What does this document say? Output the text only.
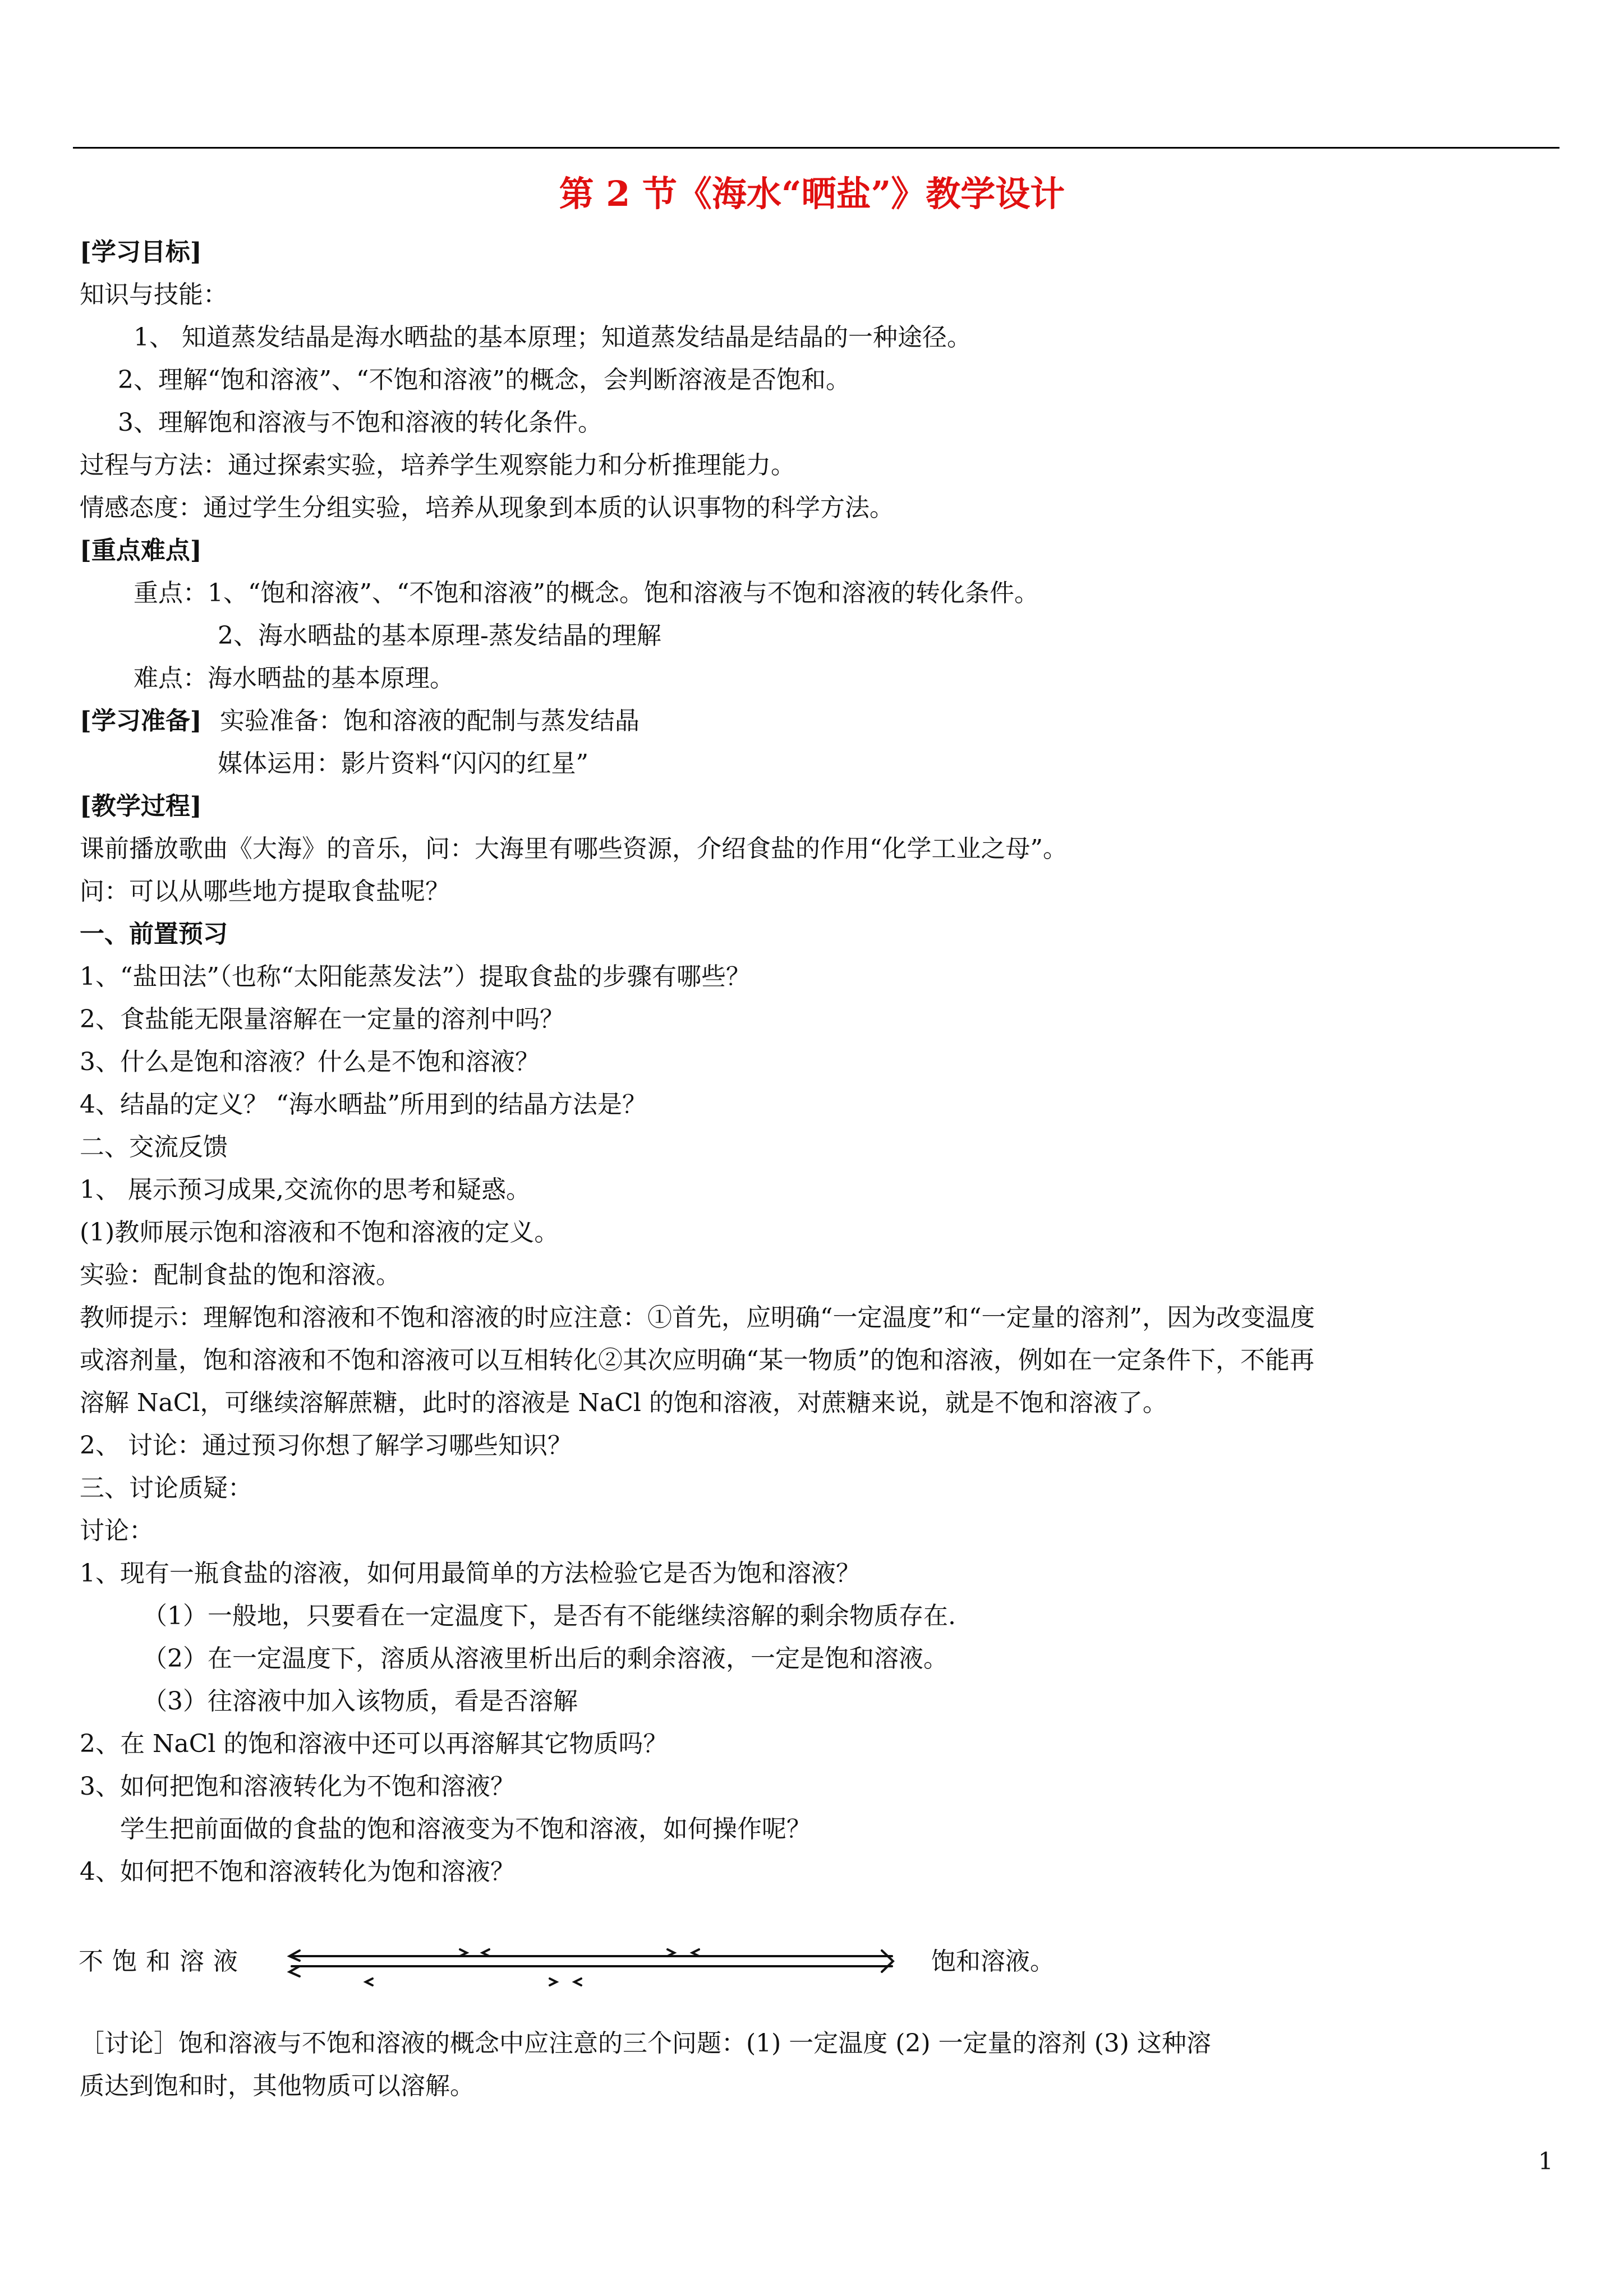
第 2 节《海水“晒盐”》教学设计
[学习目标]
知识与技能：
1、 知道蒸发结晶是海水晒盐的基本原理；知道蒸发结晶是结晶的一种途径。
2、理解“饱和溶液”、“不饱和溶液”的概念，会判断溶液是否饱和。
3、理解饱和溶液与不饱和溶液的转化条件。
过程与方法：通过探索实验，培养学生观察能力和分析推理能力。
情感态度：通过学生分组实验，培养从现象到本质的认识事物的科学方法。
[重点难点]
重点：1、“饱和溶液”、“不饱和溶液”的概念。饱和溶液与不饱和溶液的转化条件。
2、海水晒盐的基本原理-蒸发结晶的理解
难点：海水晒盐的基本原理。
[学习准备] 实验准备：饱和溶液的配制与蒸发结晶
媒体运用：影片资料“闪闪的红星”
[教学过程]
课前播放歌曲《大海》的音乐，问：大海里有哪些资源，介绍食盐的作用“化学工业之母”。
问：可以从哪些地方提取食盐呢？
一、前置预习
1、“盐田法”（也称“太阳能蒸发法”）提取食盐的步骤有哪些？
2、食盐能无限量溶解在一定量的溶剂中吗？
3、什么是饱和溶液？什么是不饱和溶液？
4、结晶的定义？ “海水晒盐”所用到的结晶方法是？
二、交流反馈
1、 展示预习成果,交流你的思考和疑惑。
(1)教师展示饱和溶液和不饱和溶液的定义。
实验：配制食盐的饱和溶液。
教师提示：理解饱和溶液和不饱和溶液的时应注意：①首先，应明确“一定温度”和“一定量的溶剂”，因为改变温度
或溶剂量，饱和溶液和不饱和溶液可以互相转化②其次应明确“某一物质”的饱和溶液，例如在一定条件下，不能再
溶解 NaCl，可继续溶解蔗糖，此时的溶液是 NaCl 的饱和溶液，对蔗糖来说，就是不饱和溶液了。
2、 讨论：通过预习你想了解学习哪些知识？
三、讨论质疑：
讨论：
1、现有一瓶食盐的溶液，如何用最简单的方法检验它是否为饱和溶液？
（1）一般地，只要看在一定温度下，是否有不能继续溶解的剩余物质存在.
（2）在一定温度下，溶质从溶液里析出后的剩余溶液，一定是饱和溶液。
（3）往溶液中加入该物质，看是否溶解
2、在 NaCl 的饱和溶液中还可以再溶解其它物质吗？
3、如何把饱和溶液转化为不饱和溶液？
学生把前面做的食盐的饱和溶液变为不饱和溶液，如何操作呢？
4、如何把不饱和溶液转化为饱和溶液？
不饱和溶液	饱和溶液。
［讨论］饱和溶液与不饱和溶液的概念中应注意的三个问题：(1) 一定温度 (2) 一定量的溶剂 (3) 这种溶
质达到饱和时，其他物质可以溶解。
1
